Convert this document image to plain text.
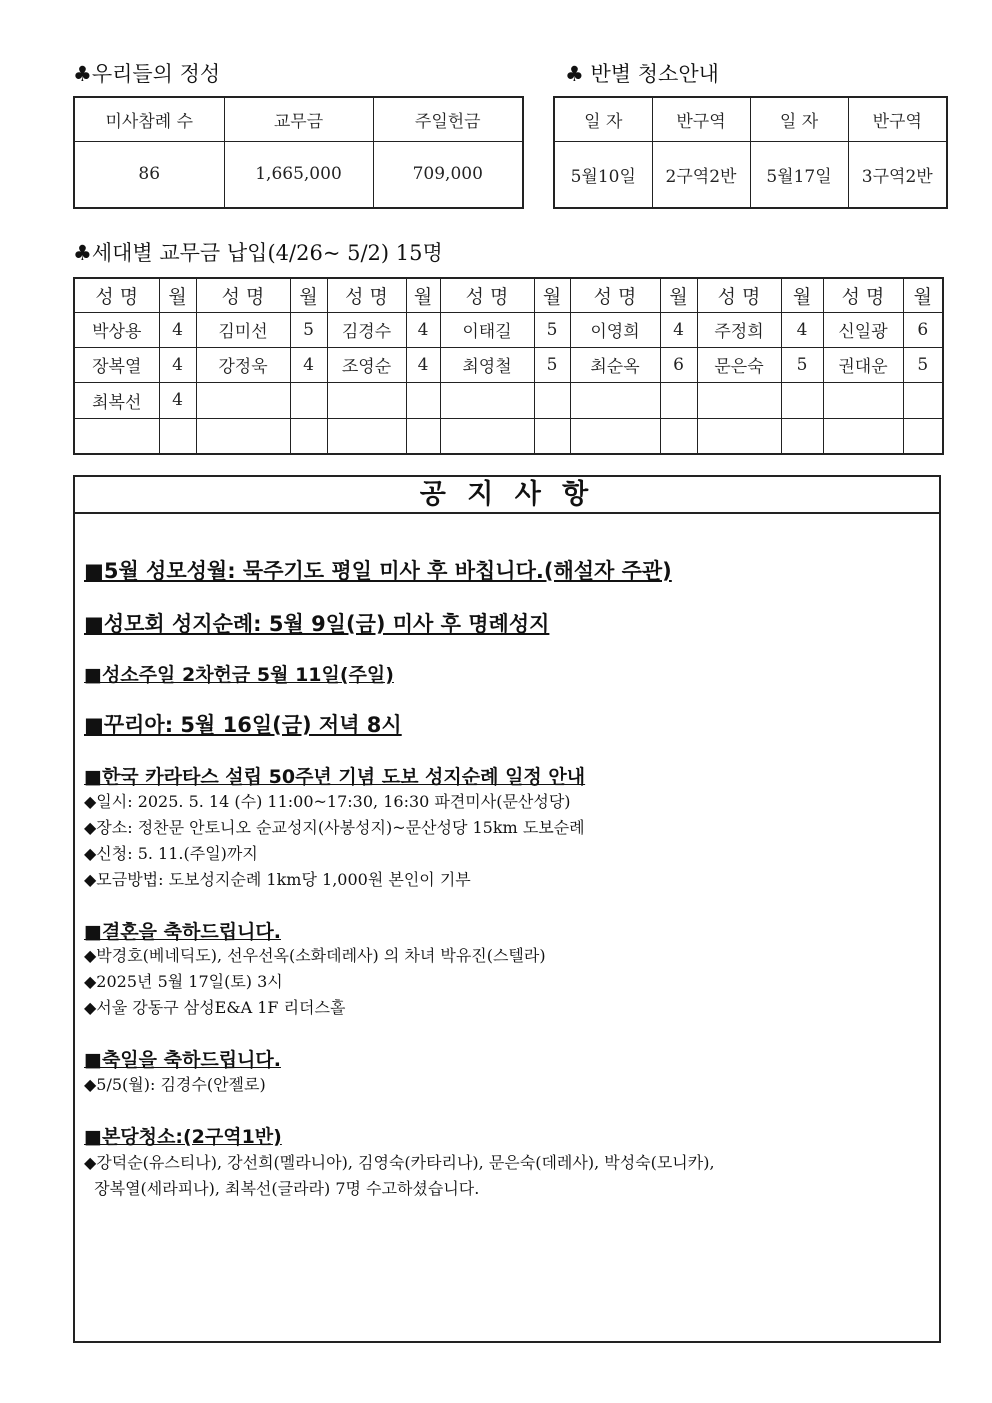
♣우리들의 정성
미사참례 수	교무금	주일헌금
86	1,665,000	709,000
♣ 반별 청소안내
일 자	반구역	일 자	반구역
5월10일	2구역2반	5월17일	3구역2반
♣세대별 교무금 납입(4/26~ 5/2) 15명
성 명	월	성 명	월	성 명	월	성 명	월	성 명	월	성 명	월	성 명	월
박상용	4	김미선	5	김경수	4	이태길	5	이영희	4	주정희	4	신일광	6
장복열	4	강정욱	4	조영순	4	최영철	5	최순옥	6	문은숙	5	권대운	5
최복선	4												

공 지 사 항
■5월 성모성월: 묵주기도 평일 미사 후 바칩니다.(해설자 주관)
■성모회 성지순례: 5월 9일(금) 미사 후 명례성지
■성소주일 2차헌금 5월 11일(주일)
■꾸리아: 5월 16일(금) 저녁 8시
■한국 카라타스 설립 50주년 기념 도보 성지순례 일정 안내
◆일시: 2025. 5. 14 (수) 11:00~17:30, 16:30 파견미사(문산성당)
◆장소: 정찬문 안토니오 순교성지(사봉성지)~문산성당 15km 도보순례
◆신청: 5. 11.(주일)까지
◆모금방법: 도보성지순례 1km당 1,000원 본인이 기부
■결혼을 축하드립니다.
◆박경호(베네딕도), 선우선옥(소화데레사) 의 차녀 박유진(스텔라)
◆2025년 5월 17일(토) 3시
◆서울 강동구 삼성E&A 1F 리더스홀
■축일을 축하드립니다.
◆5/5(월): 김경수(안젤로)
■본당청소:(2구역1반)
◆강덕순(유스티나), 강선희(멜라니아), 김영숙(카타리나), 문은숙(데레사), 박성숙(모니카),
장복열(세라피나), 최복선(글라라) 7명 수고하셨습니다.
